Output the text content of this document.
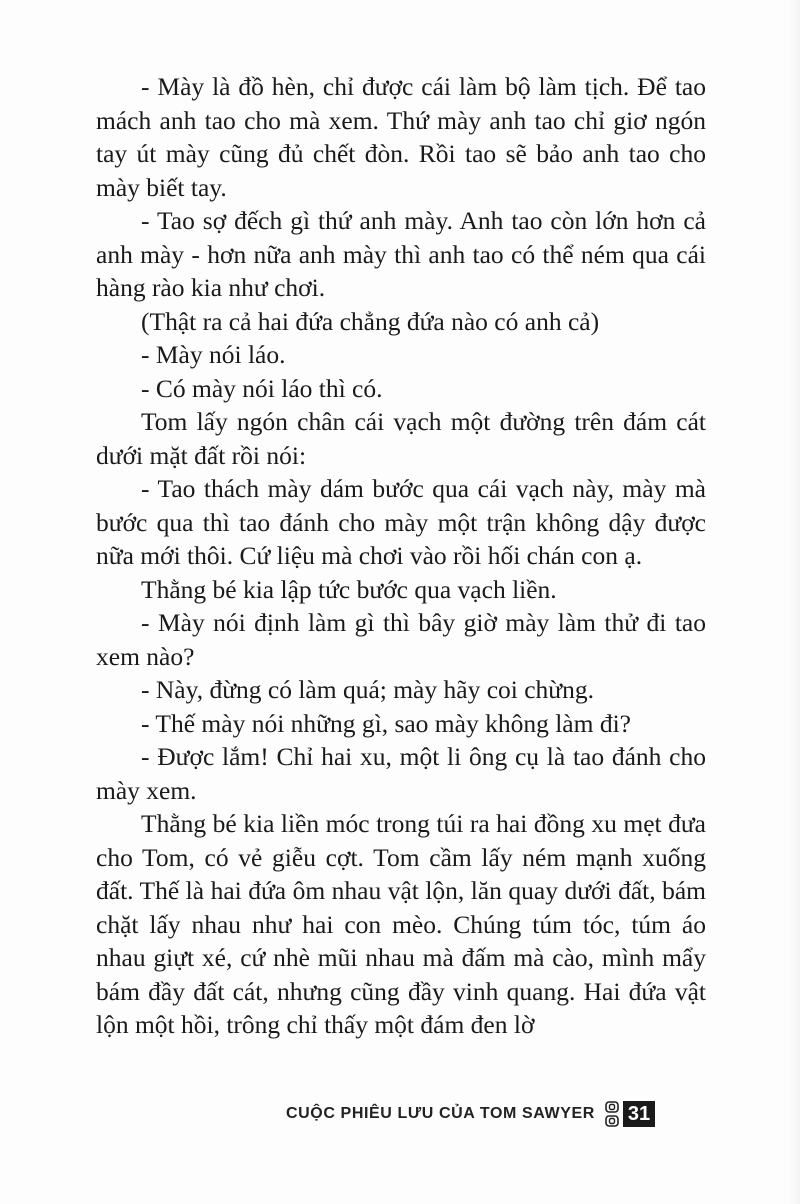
- Mày là đồ hèn, chỉ được cái làm bộ làm tịch. Để tao mách anh tao cho mà xem. Thứ mày anh tao chỉ giơ ngón tay út mày cũng đủ chết đòn. Rồi tao sẽ bảo anh tao cho mày biết tay.

- Tao sợ đếch gì thứ anh mày. Anh tao còn lớn hơn cả anh mày - hơn nữa anh mày thì anh tao có thể ném qua cái hàng rào kia như chơi.

(Thật ra cả hai đứa chẳng đứa nào có anh cả)

- Mày nói láo.

- Có mày nói láo thì có.

Tom lấy ngón chân cái vạch một đường trên đám cát dưới mặt đất rồi nói:

- Tao thách mày dám bước qua cái vạch này, mày mà bước qua thì tao đánh cho mày một trận không dậy được nữa mới thôi. Cứ liệu mà chơi vào rồi hối chán con ạ.

Thằng bé kia lập tức bước qua vạch liền.

- Mày nói định làm gì thì bây giờ mày làm thử đi tao xem nào?

- Này, đừng có làm quá; mày hãy coi chừng.

- Thế mày nói những gì, sao mày không làm đi?

- Được lắm! Chỉ hai xu, một li ông cụ là tao đánh cho mày xem.

Thằng bé kia liền móc trong túi ra hai đồng xu mẹt đưa cho Tom, có vẻ giễu cợt. Tom cầm lấy ném mạnh xuống đất. Thế là hai đứa ôm nhau vật lộn, lăn quay dưới đất, bám chặt lấy nhau như hai con mèo. Chúng túm tóc, túm áo nhau giựt xé, cứ nhè mũi nhau mà đấm mà cào, mình mẩy bám đầy đất cát, nhưng cũng đầy vinh quang. Hai đứa vật lộn một hồi, trông chỉ thấy một đám đen lờ

CUỘC PHIÊU LƯU CỦA TOM SAWYER 31
